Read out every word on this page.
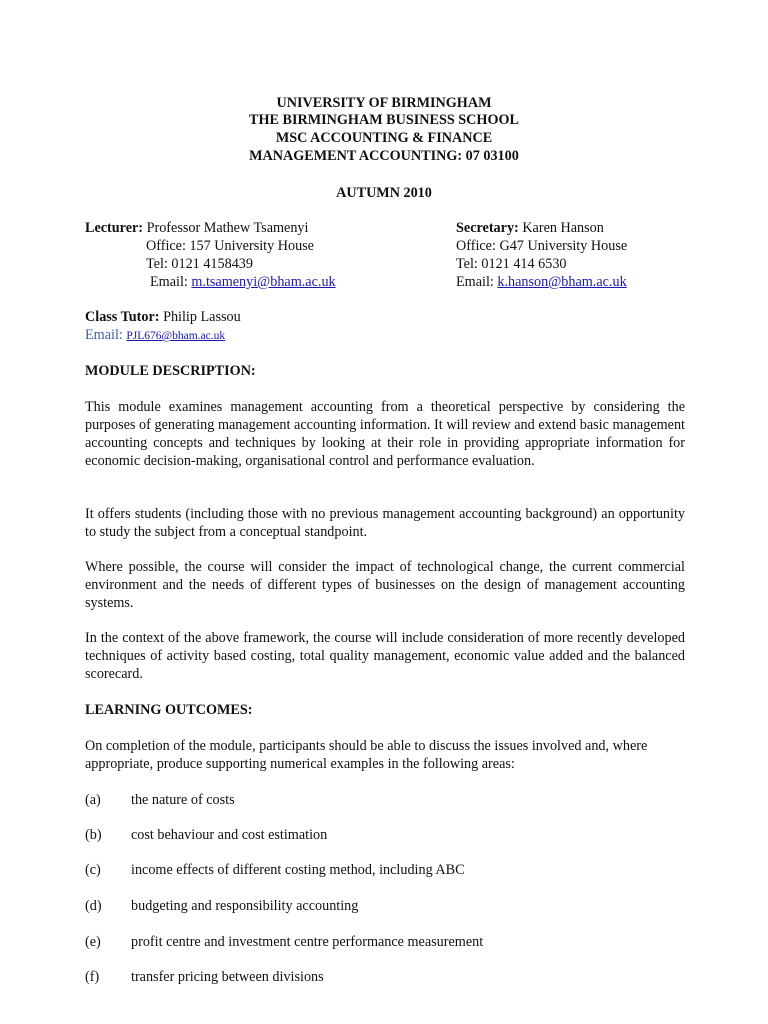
UNIVERSITY OF BIRMINGHAM
THE BIRMINGHAM BUSINESS SCHOOL
MSC ACCOUNTING & FINANCE
MANAGEMENT ACCOUNTING: 07 03100
AUTUMN 2010
Lecturer: Professor Mathew Tsamenyi
Office: 157 University House
Tel: 0121 4158439
Email: m.tsamenyi@bham.ac.uk
Secretary: Karen Hanson
Office: G47 University House
Tel: 0121 414 6530
Email: k.hanson@bham.ac.uk
Class Tutor: Philip Lassou
Email: PJL676@bham.ac.uk
MODULE DESCRIPTION:
This module examines management accounting from a theoretical perspective by considering the purposes of generating management accounting information. It will review and extend basic management accounting concepts and techniques by looking at their role in providing appropriate information for economic decision-making, organisational control and performance evaluation.
It offers students (including those with no previous management accounting background) an opportunity to study the subject from a conceptual standpoint.
Where possible, the course will consider the impact of technological change, the current commercial environment and the needs of different types of businesses on the design of management accounting systems.
In the context of the above framework, the course will include consideration of more recently developed techniques of activity based costing, total quality management, economic value added and the balanced scorecard.
LEARNING OUTCOMES:
On completion of the module, participants should be able to discuss the issues involved and, where appropriate, produce supporting numerical examples in the following areas:
(a) the nature of costs
(b) cost behaviour and cost estimation
(c) income effects of different costing method, including ABC
(d) budgeting and responsibility accounting
(e) profit centre and investment centre performance measurement
(f) transfer pricing between divisions
